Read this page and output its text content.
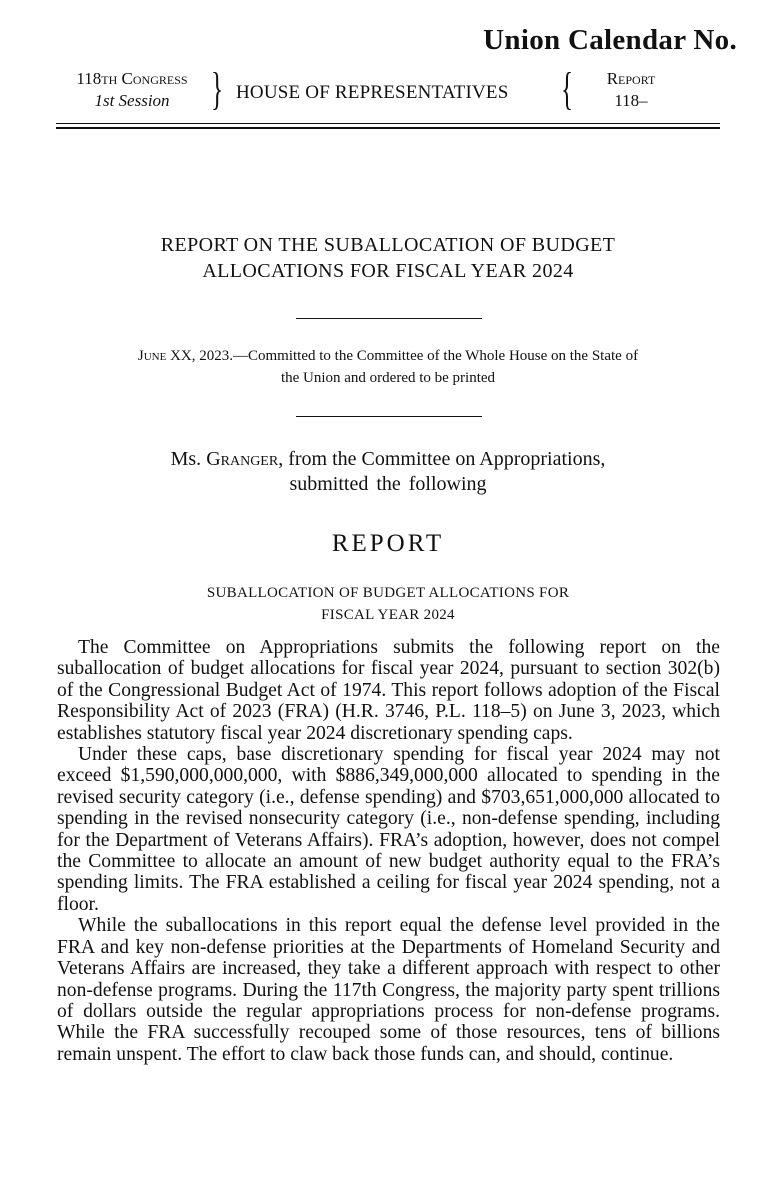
Union Calendar No.
118th Congress
1st Session } HOUSE OF REPRESENTATIVES {	Report
118–
REPORT ON THE SUBALLOCATION OF BUDGET
ALLOCATIONS FOR FISCAL YEAR 2024
June XX, 2023.—Committed to the Committee of the Whole House on the State of
the Union and ordered to be printed
Ms. Granger, from the Committee on Appropriations,
submitted the following
REPORT
SUBALLOCATION OF BUDGET ALLOCATIONS FOR
FISCAL YEAR 2024

The Committee on Appropriations submits the following report on the suballocation of budget allocations for fiscal year 2024, pursuant to section 302(b) of the Congressional Budget Act of 1974. This report follows adoption of the Fiscal Responsibility Act of 2023 (FRA) (H.R. 3746, P.L. 118–5) on June 3, 2023, which establishes statutory fiscal year 2024 discretionary spending caps.

Under these caps, base discretionary spending for fiscal year 2024 may not exceed $1,590,000,000,000, with $886,349,000,000 allocated to spending in the revised security category (i.e., defense spending) and $703,651,000,000 allocated to spending in the revised nonsecurity category (i.e., non-defense spending, including for the Department of Veterans Affairs). FRA’s adoption, however, does not compel the Committee to allocate an amount of new budget authority equal to the FRA’s spending limits. The FRA established a ceiling for fiscal year 2024 spending, not a floor.

While the suballocations in this report equal the defense level provided in the FRA and key non-defense priorities at the Departments of Homeland Security and Veterans Affairs are increased, they take a different approach with respect to other non-defense programs. During the 117th Congress, the majority party spent trillions of dollars outside the regular appropriations process for non-defense programs. While the FRA successfully recouped some of those resources, tens of billions remain unspent. The effort to claw back those funds can, and should, continue.
